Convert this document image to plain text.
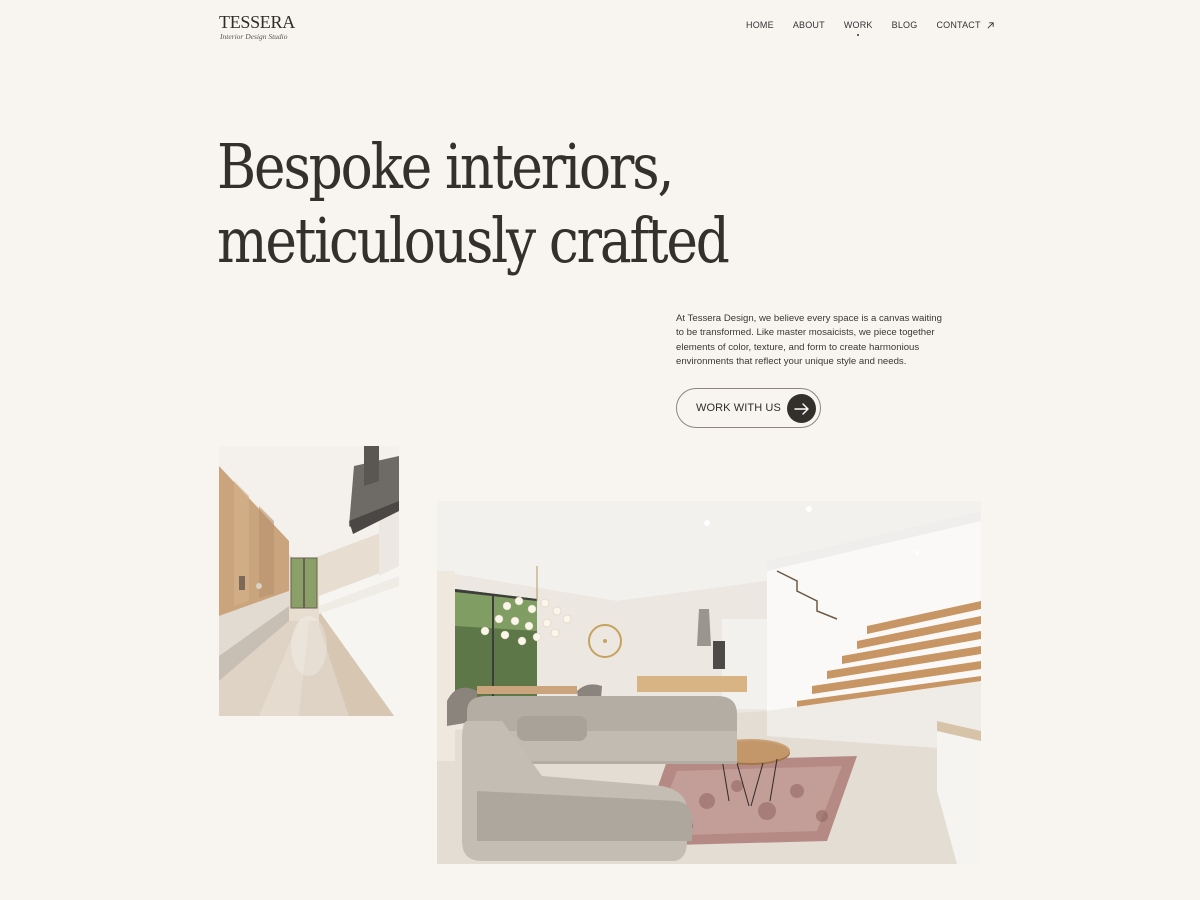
TESSERA
Interior Design Studio
HOME ABOUT WORK BLOG CONTACT
Bespoke interiors,
meticulously crafted

At Tessera Design, we believe every space is a canvas waiting to be transformed. Like master mosaicists, we piece together elements of color, texture, and form to create harmonious environments that reflect your unique style and needs.

WORK WITH US
